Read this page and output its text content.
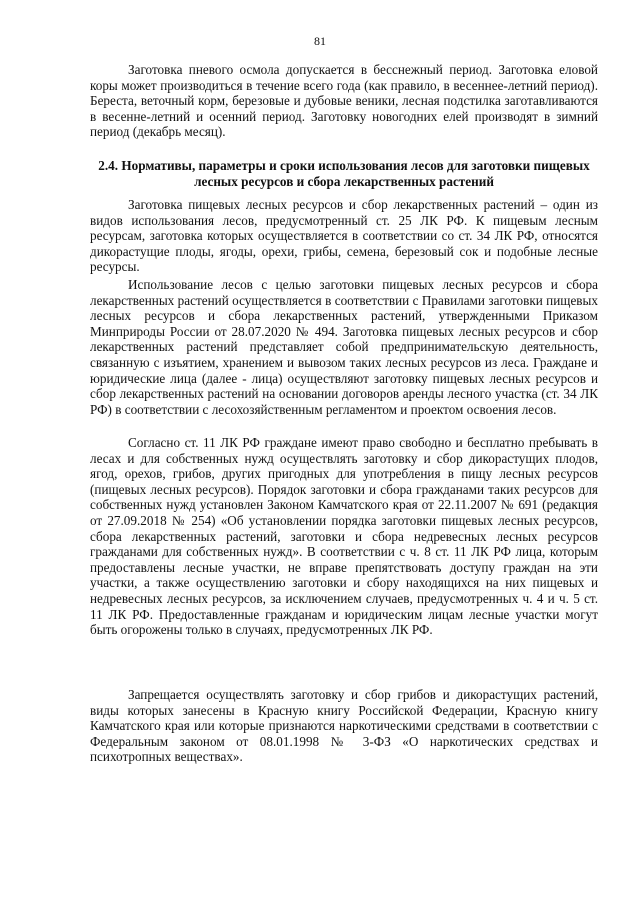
81

Заготовка пневого осмола допускается в бесснежный период. Заготовка еловой коры может производиться в течение всего года (как правило, в весеннее-летний период). Береста, веточный корм, березовые и дубовые веники, лесная подстилка заготавливаются в весенне-летний и осенний период. Заготовку новогодних елей производят в зимний период (декабрь месяц).

2.4. Нормативы, параметры и сроки использования лесов для заготовки пищевых лесных ресурсов и сбора лекарственных растений

Заготовка пищевых лесных ресурсов и сбор лекарственных растений – один из видов использования лесов, предусмотренный ст. 25 ЛК РФ. К пищевым лесным ресурсам, заготовка которых осуществляется в соответствии со ст. 34 ЛК РФ, относятся дикорастущие плоды, ягоды, орехи, грибы, семена, березовый сок и подобные лесные ресурсы.

Использование лесов с целью заготовки пищевых лесных ресурсов и сбора лекарственных растений осуществляется в соответствии с Правилами заготовки пищевых лесных ресурсов и сбора лекарственных растений, утвержденными Приказом Минприроды России от 28.07.2020 № 494. Заготовка пищевых лесных ресурсов и сбор лекарственных растений представляет собой предпринимательскую деятельность, связанную с изъятием, хранением и вывозом таких лесных ресурсов из леса. Граждане и юридические лица (далее - лица) осуществляют заготовку пищевых лесных ресурсов и сбор лекарственных растений на основании договоров аренды лесного участка (ст. 34 ЛК РФ) в соответствии с лесохозяйственным регламентом и проектом освоения лесов.

Согласно ст. 11 ЛК РФ граждане имеют право свободно и бесплатно пребывать в лесах и для собственных нужд осуществлять заготовку и сбор дикорастущих плодов, ягод, орехов, грибов, других пригодных для употребления в пищу лесных ресурсов (пищевых лесных ресурсов). Порядок заготовки и сбора гражданами таких ресурсов для собственных нужд установлен Законом Камчатского края от 22.11.2007 № 691 (редакция от 27.09.2018 № 254) «Об установлении порядка заготовки пищевых лесных ресурсов, сбора лекарственных растений, заготовки и сбора недревесных лесных ресурсов гражданами для собственных нужд». В соответствии с ч. 8 ст. 11 ЛК РФ лица, которым предоставлены лесные участки, не вправе препятствовать доступу граждан на эти участки, а также осуществлению заготовки и сбору находящихся на них пищевых и недревесных лесных ресурсов, за исключением случаев, предусмотренных ч. 4 и ч. 5 ст. 11 ЛК РФ. Предоставленные гражданам и юридическим лицам лесные участки могут быть огорожены только в случаях, предусмотренных ЛК РФ.

Запрещается осуществлять заготовку и сбор грибов и дикорастущих растений, виды которых занесены в Красную книгу Российской Федерации, Красную книгу Камчатского края или которые признаются наркотическими средствами в соответствии с Федеральным законом от 08.01.1998 № 3-ФЗ «О наркотических средствах и психотропных веществах».
